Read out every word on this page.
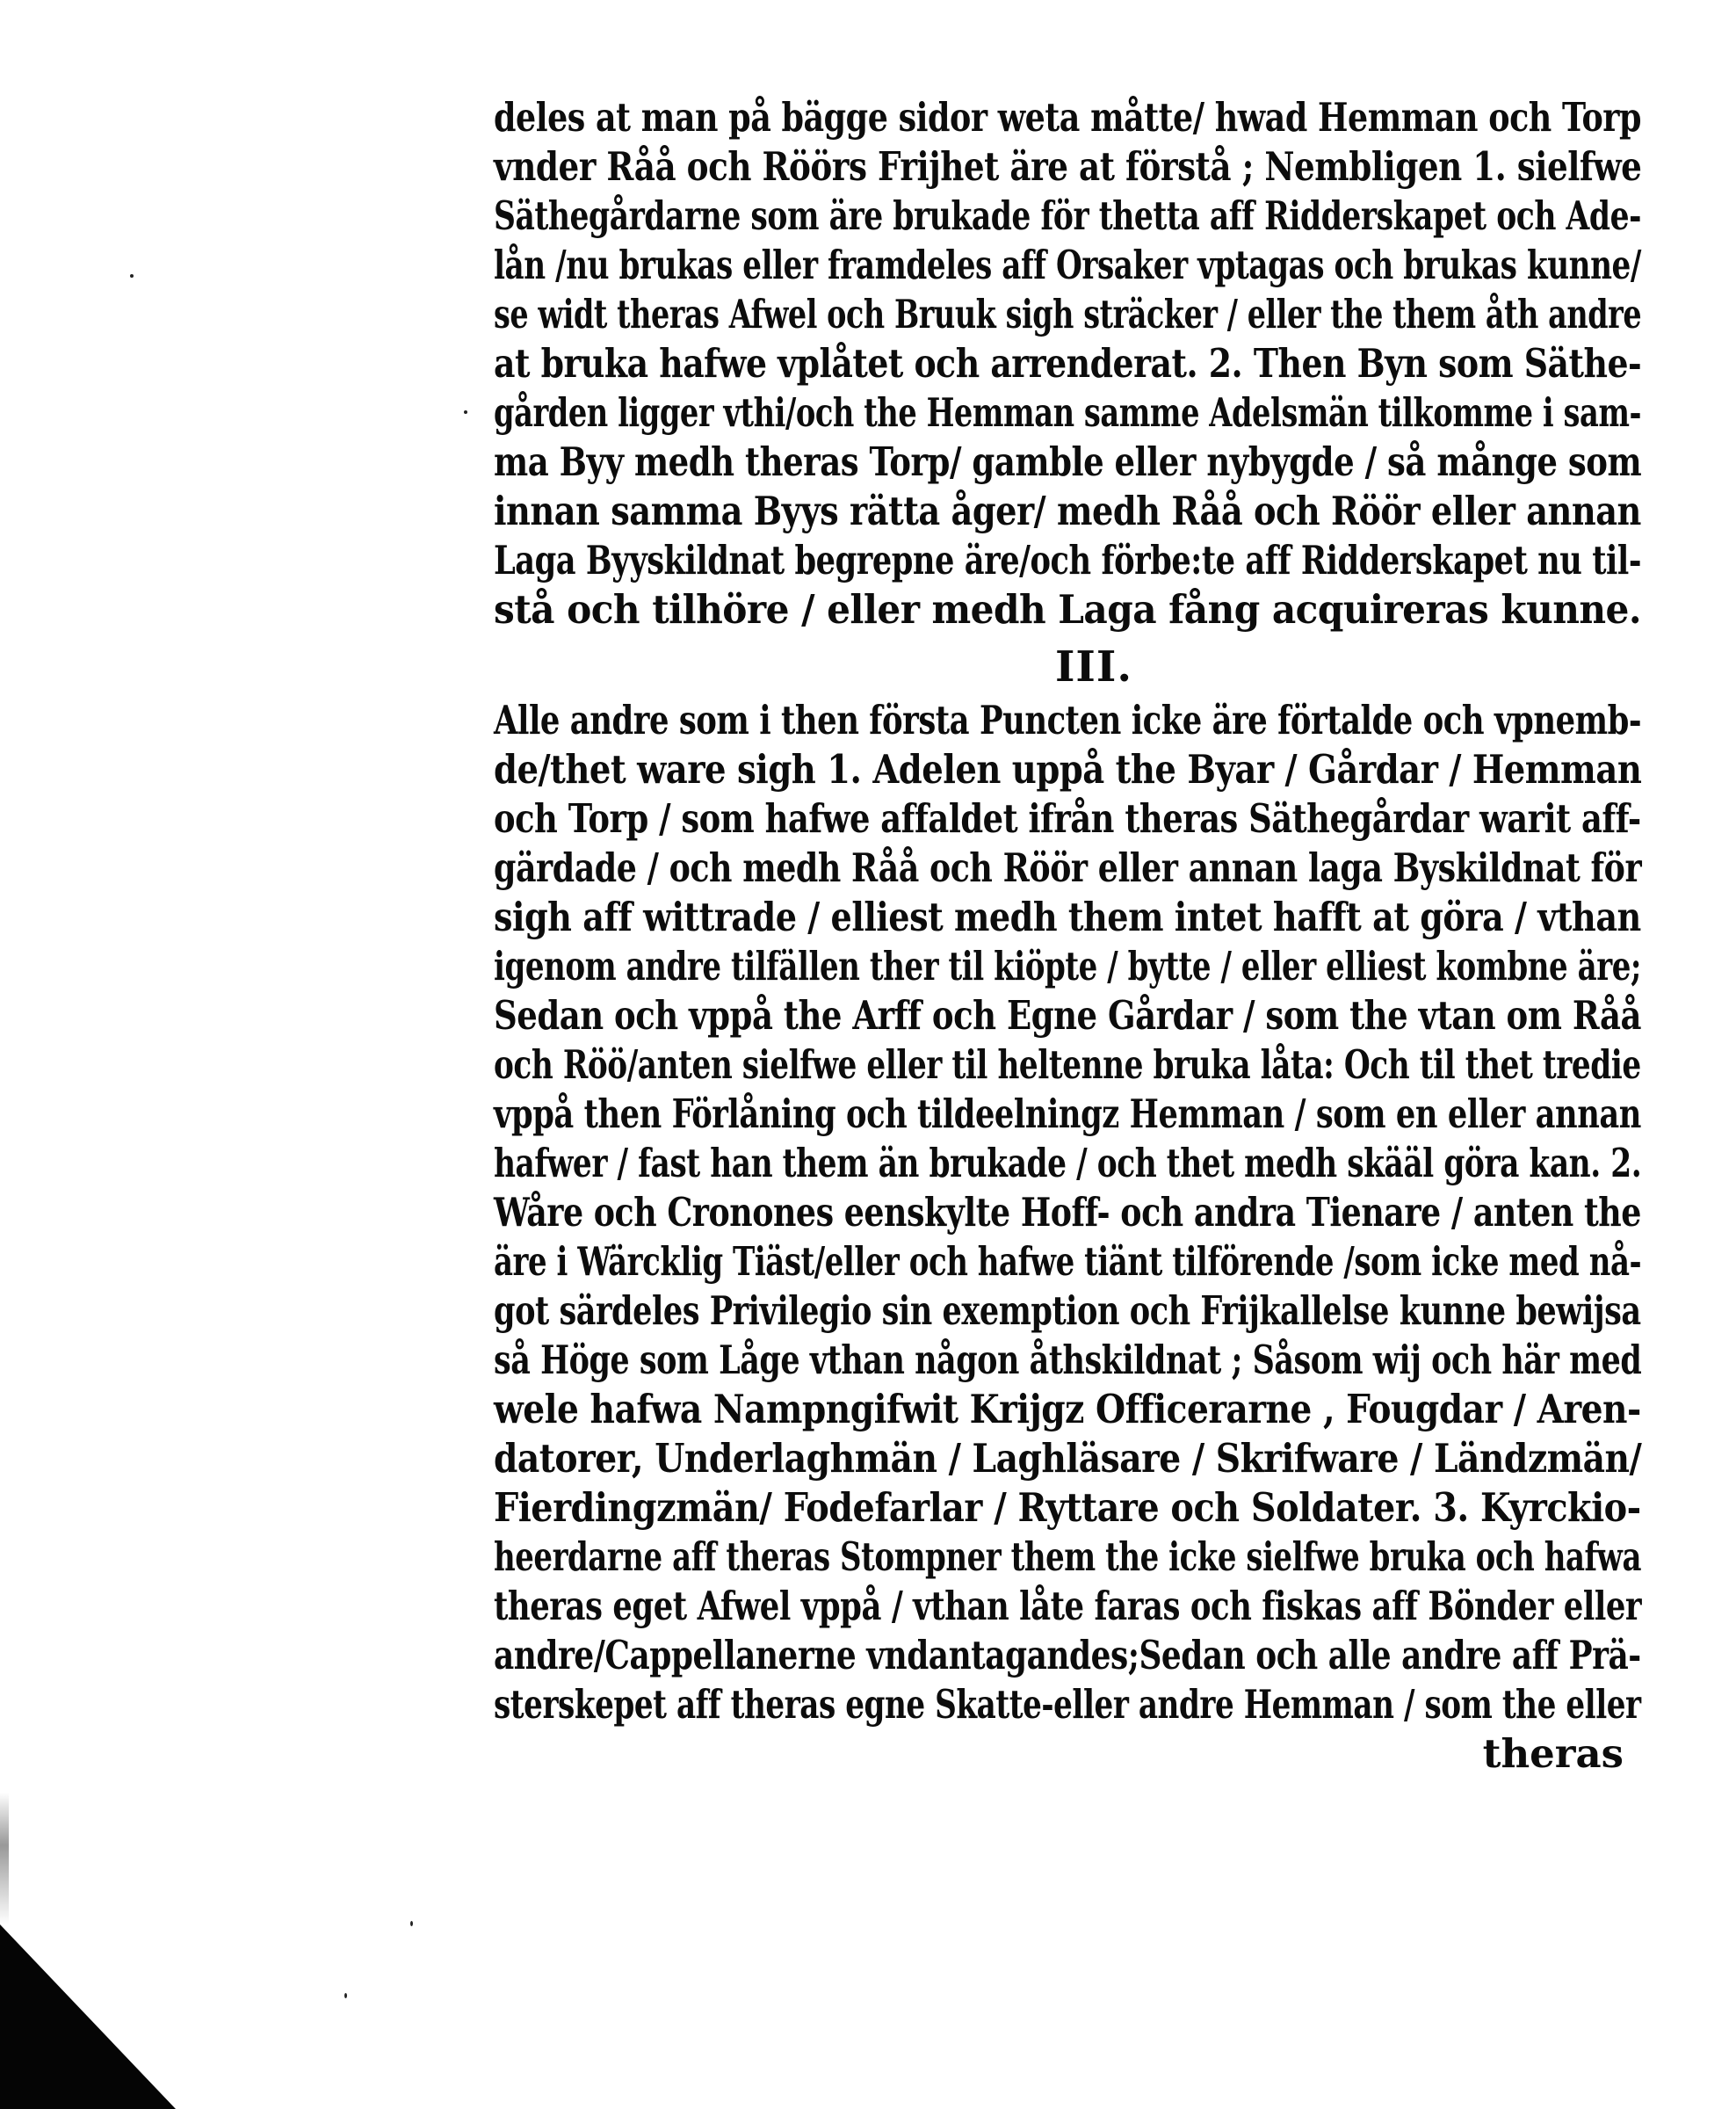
deles at man på bägge sidor weta måtte/ hwad Hemman och Torp
vnder Råå och Röörs Frijhet äre at förstå ; Nembligen 1. sielfwe
Säthegårdarne som äre brukade för thetta aff Ridderskapet och Ade-
lån /nu brukas eller framdeles aff Orsaker vptagas och brukas kunne/
se widt theras Afwel och Bruuk sigh sträcker / eller the them åth andre
at bruka hafwe vplåtet och arrenderat. 2. Then Byn som Säthe-
gården ligger vthi/och the Hemman samme Adelsmän tilkomme i sam-
ma Byy medh theras Torp/ gamble eller nybygde / så månge som
innan samma Byys rätta åger/ medh Råå och Röör eller annan
Laga Byyskildnat begrepne äre/och förbe:te aff Ridderskapet nu til-
stå och tilhöre / eller medh Laga fång acquireras kunne.
III.
Alle andre som i then första Puncten icke äre förtalde och vpnemb-
de/thet ware sigh 1. Adelen uppå the Byar / Gårdar / Hemman
och Torp / som hafwe affaldet ifrån theras Säthegårdar warit aff-
gärdade / och medh Råå och Röör eller annan laga Byskildnat för
sigh aff wittrade / elliest medh them intet hafft at göra / vthan
igenom andre tilfällen ther til kiöpte / bytte / eller elliest kombne äre;
Sedan och vppå the Arff och Egne Gårdar / som the vtan om Råå
och Röö/anten sielfwe eller til heltenne bruka låta: Och til thet tredie
vppå then Förlåning och tildeelningz Hemman / som en eller annan
hafwer / fast han them än brukade / och thet medh skääl göra kan. 2.
Wåre och Cronones eenskylte Hoff- och andra Tienare / anten the
äre i Wärcklig Tiäst/eller och hafwe tiänt tilförende /som icke med nå-
got särdeles Privilegio sin exemption och Frijkallelse kunne bewijsa
så Höge som Låge vthan någon åthskildnat ; Såsom wij och här med
wele hafwa Nampngifwit Krijgz Officerarne , Fougdar / Aren-
datorer, Underlaghmän / Laghläsare / Skrifware / Ländzmän/
Fierdingzmän/ Fodefarlar / Ryttare och Soldater. 3. Kyrckio-
heerdarne aff theras Stompner them the icke sielfwe bruka och hafwa
theras eget Afwel vppå / vthan låte faras och fiskas aff Bönder eller
andre/Cappellanerne vndantagandes;Sedan och alle andre aff Prä-
sterskepet aff theras egne Skatte-eller andre Hemman / som the eller
theras
